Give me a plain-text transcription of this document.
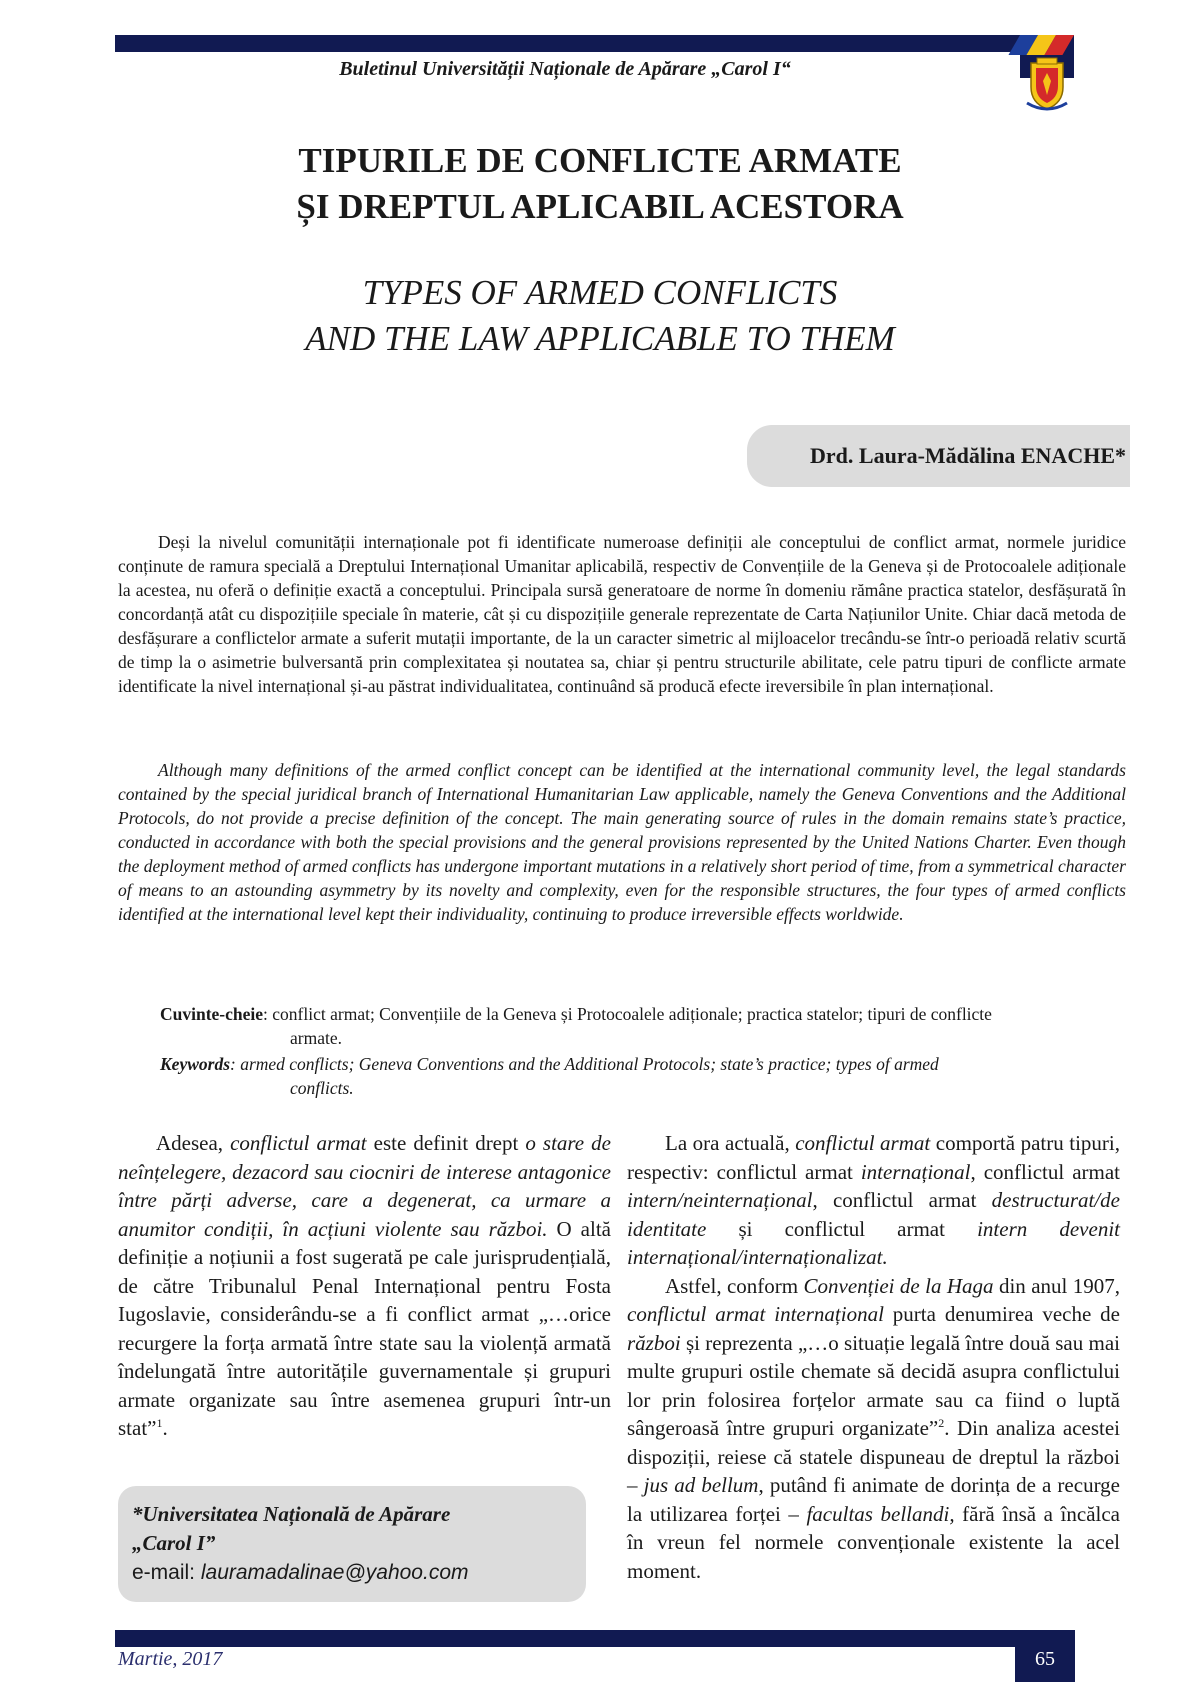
Buletinul Universității Naționale de Apărare „Carol I“
TIPURILE DE CONFLICTE ARMATE
ȘI DREPTUL APLICABIL ACESTORA
TYPES OF ARMED CONFLICTS
AND THE LAW APPLICABLE TO THEM
Drd. Laura-Mădălina ENACHE*

Deși la nivelul comunității internaționale pot fi identificate numeroase definiții ale conceptului de conflict armat, normele juridice conținute de ramura specială a Dreptului Internațional Umanitar aplicabilă, respectiv de Convențiile de la Geneva și de Protocoalele adiționale la acestea, nu oferă o definiție exactă a conceptului. Principala sursă generatoare de norme în domeniu rămâne practica statelor, desfășurată în concordanță atât cu dispozițiile speciale în materie, cât și cu dispozițiile generale reprezentate de Carta Națiunilor Unite. Chiar dacă metoda de desfășurare a conflictelor armate a suferit mutații importante, de la un caracter simetric al mijloacelor trecându-se într-o perioadă relativ scurtă de timp la o asimetrie bulversantă prin complexitatea și noutatea sa, chiar și pentru structurile abilitate, cele patru tipuri de conflicte armate identificate la nivel internațional și-au păstrat individualitatea, continuând să producă efecte ireversibile în plan internațional.

Although many definitions of the armed conflict concept can be identified at the international community level, the legal standards contained by the special juridical branch of International Humanitarian Law applicable, namely the Geneva Conventions and the Additional Protocols, do not provide a precise definition of the concept. The main generating source of rules in the domain remains state’s practice, conducted in accordance with both the special provisions and the general provisions represented by the United Nations Charter. Even though the deployment method of armed conflicts has undergone important mutations in a relatively short period of time, from a symmetrical character of means to an astounding asymmetry by its novelty and complexity, even for the responsible structures, the four types of armed conflicts identified at the international level kept their individuality, continuing to produce irreversible effects worldwide.

Cuvinte-cheie: conflict armat; Convențiile de la Geneva și Protocoalele adiționale; practica statelor; tipuri de conflicte
armate.
Keywords: armed conflicts; Geneva Conventions and the Additional Protocols; state’s practice; types of armed
conflicts.

Adesea, conflictul armat este definit drept o stare de neînțelegere, dezacord sau ciocniri de interese antagonice între părți adverse, care a degenerat, ca urmare a anumitor condiții, în acțiuni violente sau război. O altă definiție a noțiunii a fost sugerată pe cale jurisprudențială, de către Tribunalul Penal Internațional pentru Fosta Iugoslavie, considerându-se a fi conflict armat „…orice recurgere la forța armată între state sau la violență armată îndelungată între autoritățile guvernamentale și grupuri armate organizate sau între asemenea grupuri într-un stat”$^1$.

La ora actuală, conflictul armat comportă patru tipuri, respectiv: conflictul armat internațional, conflictul armat intern/neinternațional, conflictul armat destructurat/de identitate și conflictul armat intern devenit internațional/internaționalizat.

Astfel, conform Convenției de la Haga din anul 1907, conflictul armat internațional purta denumirea veche de război și reprezenta „…o situație legală între două sau mai multe grupuri ostile chemate să decidă asupra conflictului lor prin folosirea forțelor armate sau ca fiind o luptă sângeroasă între grupuri organizate”$^2$. Din analiza acestei dispoziții, reiese că statele dispuneau de dreptul la război – jus ad bellum, putând fi animate de dorința de a recurge la utilizarea forței – facultas bellandi, fără însă a încălca în vreun fel normele convenționale existente la acel moment.

*Universitatea Națională de Apărare
„Carol I”
e-mail: lauramadalinae@yahoo.com
Martie, 2017	65
